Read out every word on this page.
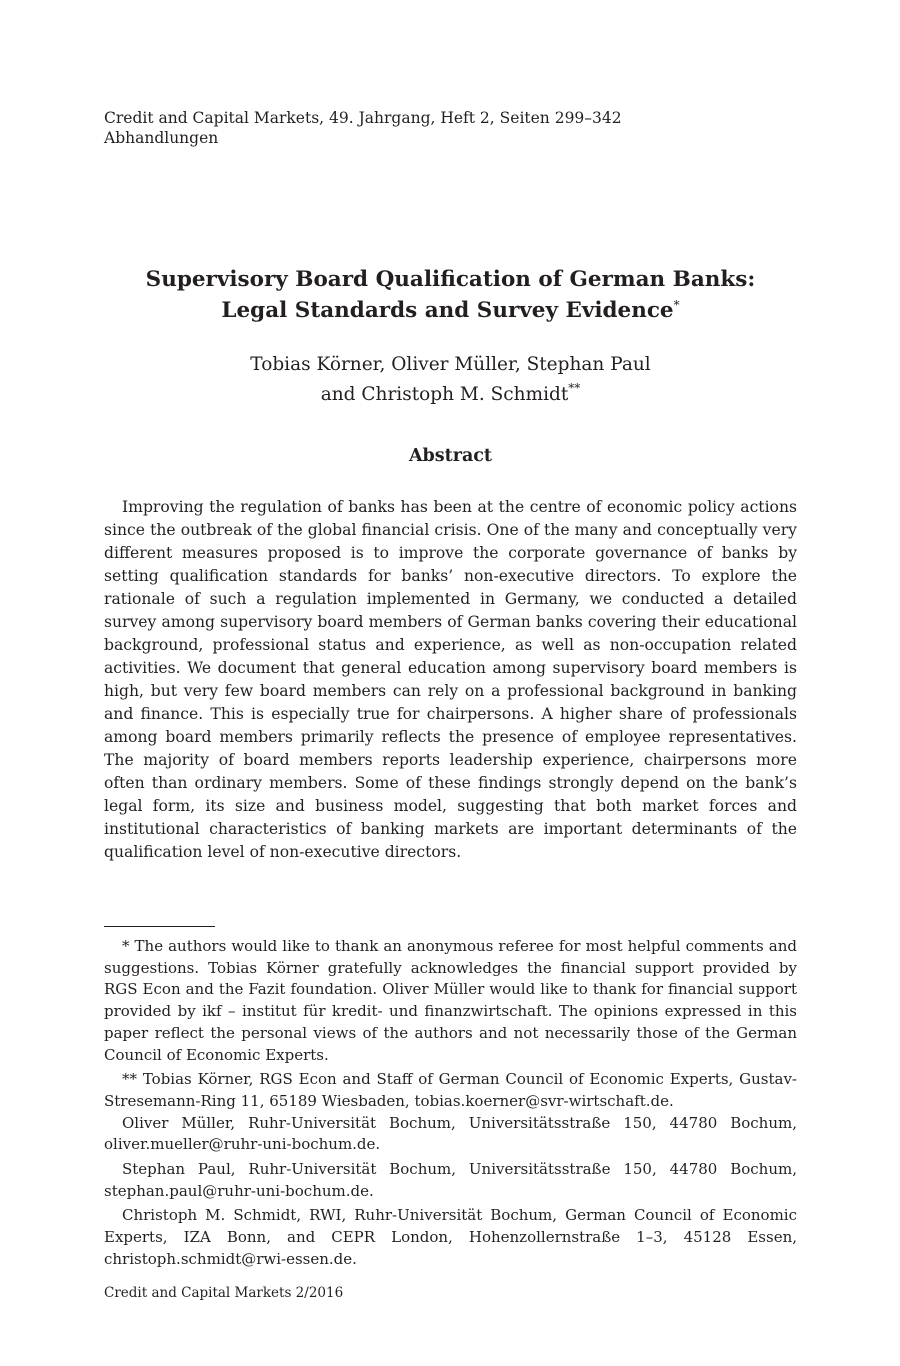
Credit and Capital Markets, 49. Jahrgang, Heft 2, Seiten 299–342
Abhandlungen
Supervisory Board Qualification of German Banks:
Legal Standards and Survey Evidence*
Tobias Körner, Oliver Müller, Stephan Paul
and Christoph M. Schmidt**
Abstract
Improving the regulation of banks has been at the centre of economic policy actions since the outbreak of the global financial crisis. One of the many and conceptually very different measures proposed is to improve the corporate governance of banks by setting qualification standards for banks’ non-executive directors. To explore the rationale of such a regulation implemented in Germany, we conducted a detailed survey among supervisory board members of German banks covering their educational background, professional status and experience, as well as non-occupation related activities. We document that general education among supervisory board members is high, but very few board members can rely on a professional background in banking and finance. This is especially true for chairpersons. A higher share of professionals among board members primarily reflects the presence of employee representatives. The majority of board members reports leadership experience, chairpersons more often than ordinary members. Some of these findings strongly depend on the bank’s legal form, its size and business model, suggesting that both market forces and institutional characteristics of banking markets are important determinants of the qualification level of non-executive directors.

* The authors would like to thank an anonymous referee for most helpful comments and suggestions. Tobias Körner gratefully acknowledges the financial support provided by RGS Econ and the Fazit foundation. Oliver Müller would like to thank for financial support provided by ikf – institut für kredit- und finanzwirtschaft. The opinions expressed in this paper reflect the personal views of the authors and not necessarily those of the German Council of Economic Experts.

** Tobias Körner, RGS Econ and Staff of German Council of Economic Experts, Gustav-Stresemann-Ring 11, 65189 Wiesbaden, tobias.koerner@svr-wirtschaft.de.

Oliver Müller, Ruhr-Universität Bochum, Universitätsstraße 150, 44780 Bochum, oliver.mueller@ruhr-uni-bochum.de.

Stephan Paul, Ruhr-Universität Bochum, Universitätsstraße 150, 44780 Bochum, stephan.paul@ruhr-uni-bochum.de.

Christoph M. Schmidt, RWI, Ruhr-Universität Bochum, German Council of Economic Experts, IZA Bonn, and CEPR London, Hohenzollernstraße 1–3, 45128 Essen, christoph.schmidt@rwi-essen.de.

Credit and Capital Markets 2/2016
